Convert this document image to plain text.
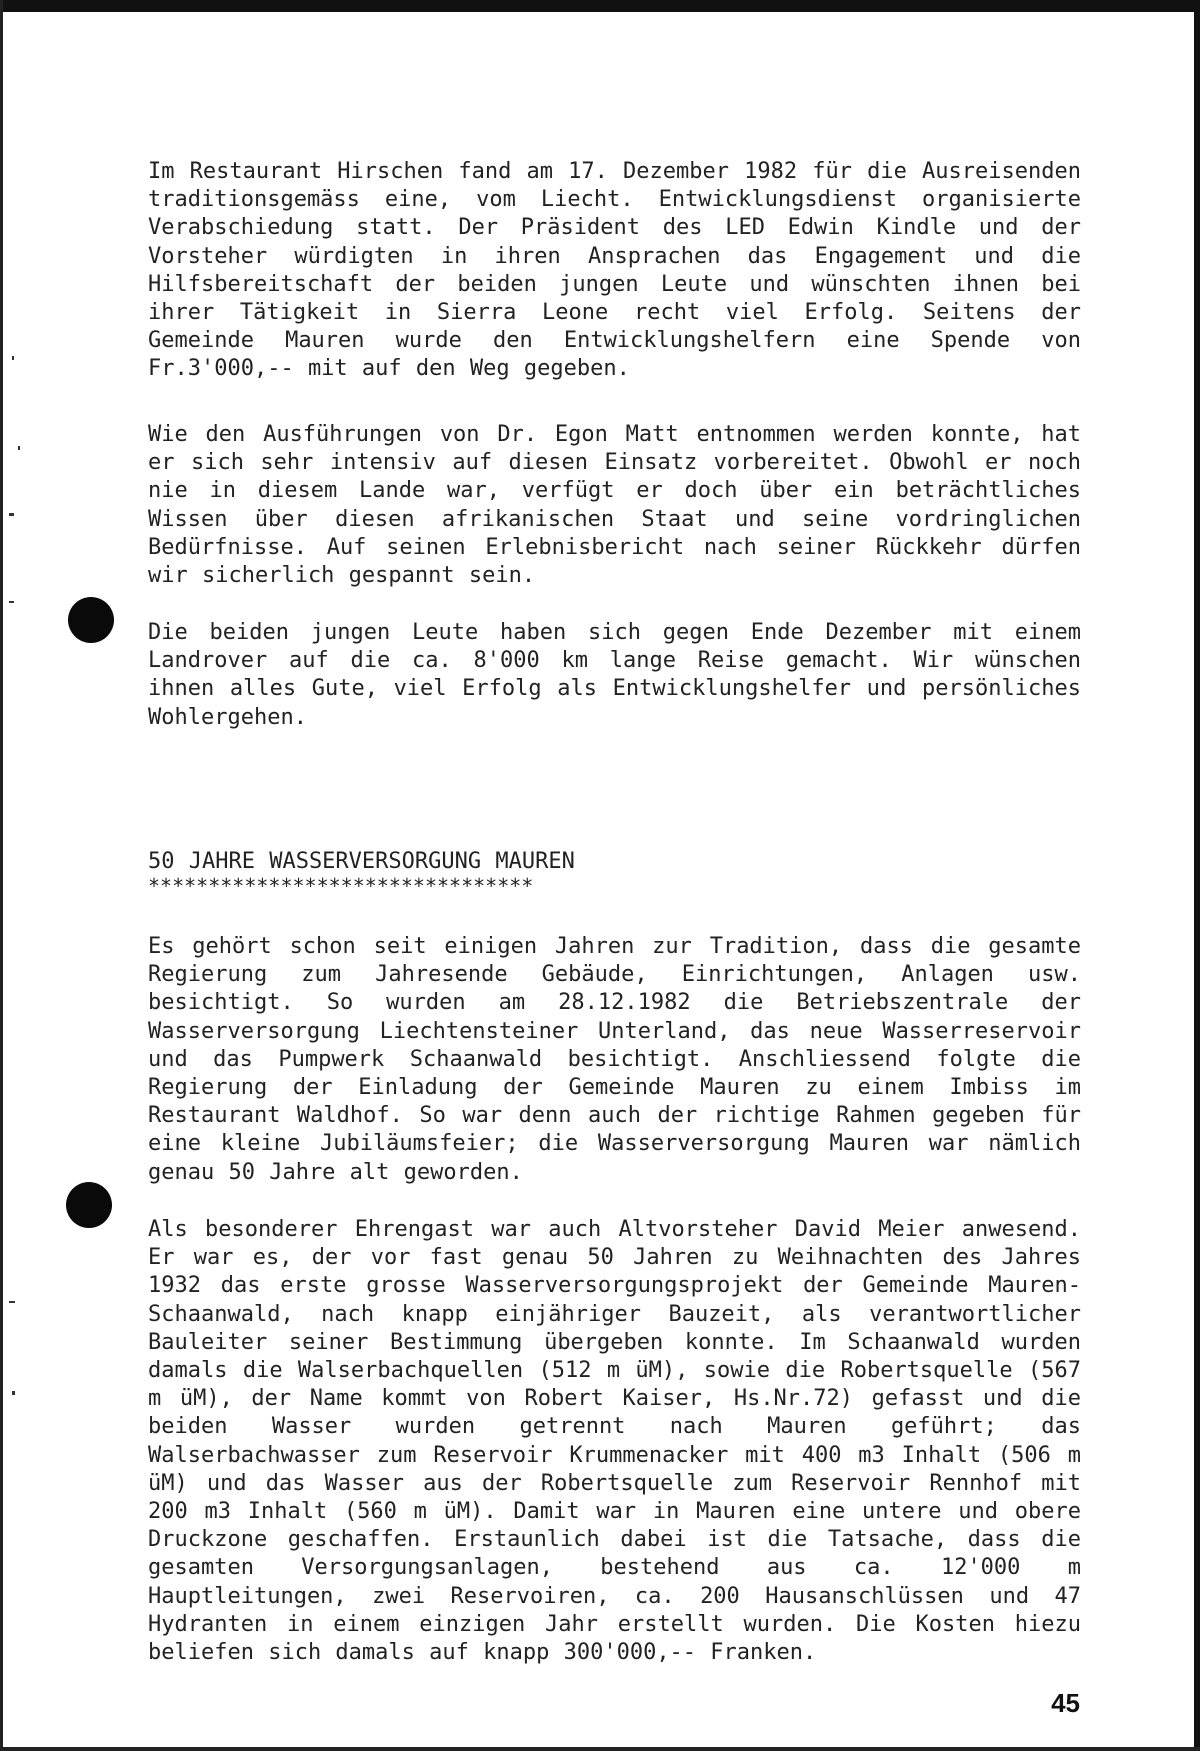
Im Restaurant Hirschen fand am 17. Dezember 1982 für die Ausreisenden traditionsgemäss eine, vom Liecht. Entwicklungsdienst organisierte Verabschiedung statt. Der Präsident des LED Edwin Kindle und der Vorsteher würdigten in ihren Ansprachen das Engagement und die Hilfsbereitschaft der beiden jungen Leute und wünschten ihnen bei ihrer Tätigkeit in Sierra Leone recht viel Erfolg. Seitens der Gemeinde Mauren wurde den Entwicklungshelfern eine Spende von Fr.3'000,-- mit auf den Weg gegeben.

Wie den Ausführungen von Dr. Egon Matt entnommen werden konnte, hat er sich sehr intensiv auf diesen Einsatz vorbereitet. Obwohl er noch nie in diesem Lande war, verfügt er doch über ein beträchtliches Wissen über diesen afrikanischen Staat und seine vordringlichen Bedürfnisse. Auf seinen Erlebnisbericht nach seiner Rückkehr dürfen wir sicherlich gespannt sein.

Die beiden jungen Leute haben sich gegen Ende Dezember mit einem Landrover auf die ca. 8'000 km lange Reise gemacht. Wir wünschen ihnen alles Gute, viel Erfolg als Entwicklungshelfer und persönliches Wohlergehen.

50 JAHRE WASSERVERSORGUNG MAUREN
********************************

Es gehört schon seit einigen Jahren zur Tradition, dass die gesamte Regierung zum Jahresende Gebäude, Einrichtungen, Anlagen usw. besichtigt. So wurden am 28.12.1982 die Betriebszentrale der Wasserversorgung Liechtensteiner Unterland, das neue Wasserreservoir und das Pumpwerk Schaanwald besichtigt. Anschliessend folgte die Regierung der Einladung der Gemeinde Mauren zu einem Imbiss im Restaurant Waldhof. So war denn auch der richtige Rahmen gegeben für eine kleine Jubiläumsfeier; die Wasserversorgung Mauren war nämlich genau 50 Jahre alt geworden.

Als besonderer Ehrengast war auch Altvorsteher David Meier anwesend. Er war es, der vor fast genau 50 Jahren zu Weihnachten des Jahres 1932 das erste grosse Wasserversorgungsprojekt der Gemeinde Mauren-Schaanwald, nach knapp einjähriger Bauzeit, als verantwortlicher Bauleiter seiner Bestimmung übergeben konnte. Im Schaanwald wurden damals die Walserbachquellen (512 m üM), sowie die Robertsquelle (567 m üM), der Name kommt von Robert Kaiser, Hs.Nr.72) gefasst und die beiden Wasser wurden getrennt nach Mauren geführt; das Walserbachwasser zum Reservoir Krummenacker mit 400 m3 Inhalt (506 m üM) und das Wasser aus der Robertsquelle zum Reservoir Rennhof mit 200 m3 Inhalt (560 m üM). Damit war in Mauren eine untere und obere Druckzone geschaffen. Erstaunlich dabei ist die Tatsache, dass die gesamten Versorgungsanlagen, bestehend aus ca. 12'000 m Hauptleitungen, zwei Reservoiren, ca. 200 Hausanschlüssen und 47 Hydranten in einem einzigen Jahr erstellt wurden. Die Kosten hiezu beliefen sich damals auf knapp 300'000,-- Franken.

45
